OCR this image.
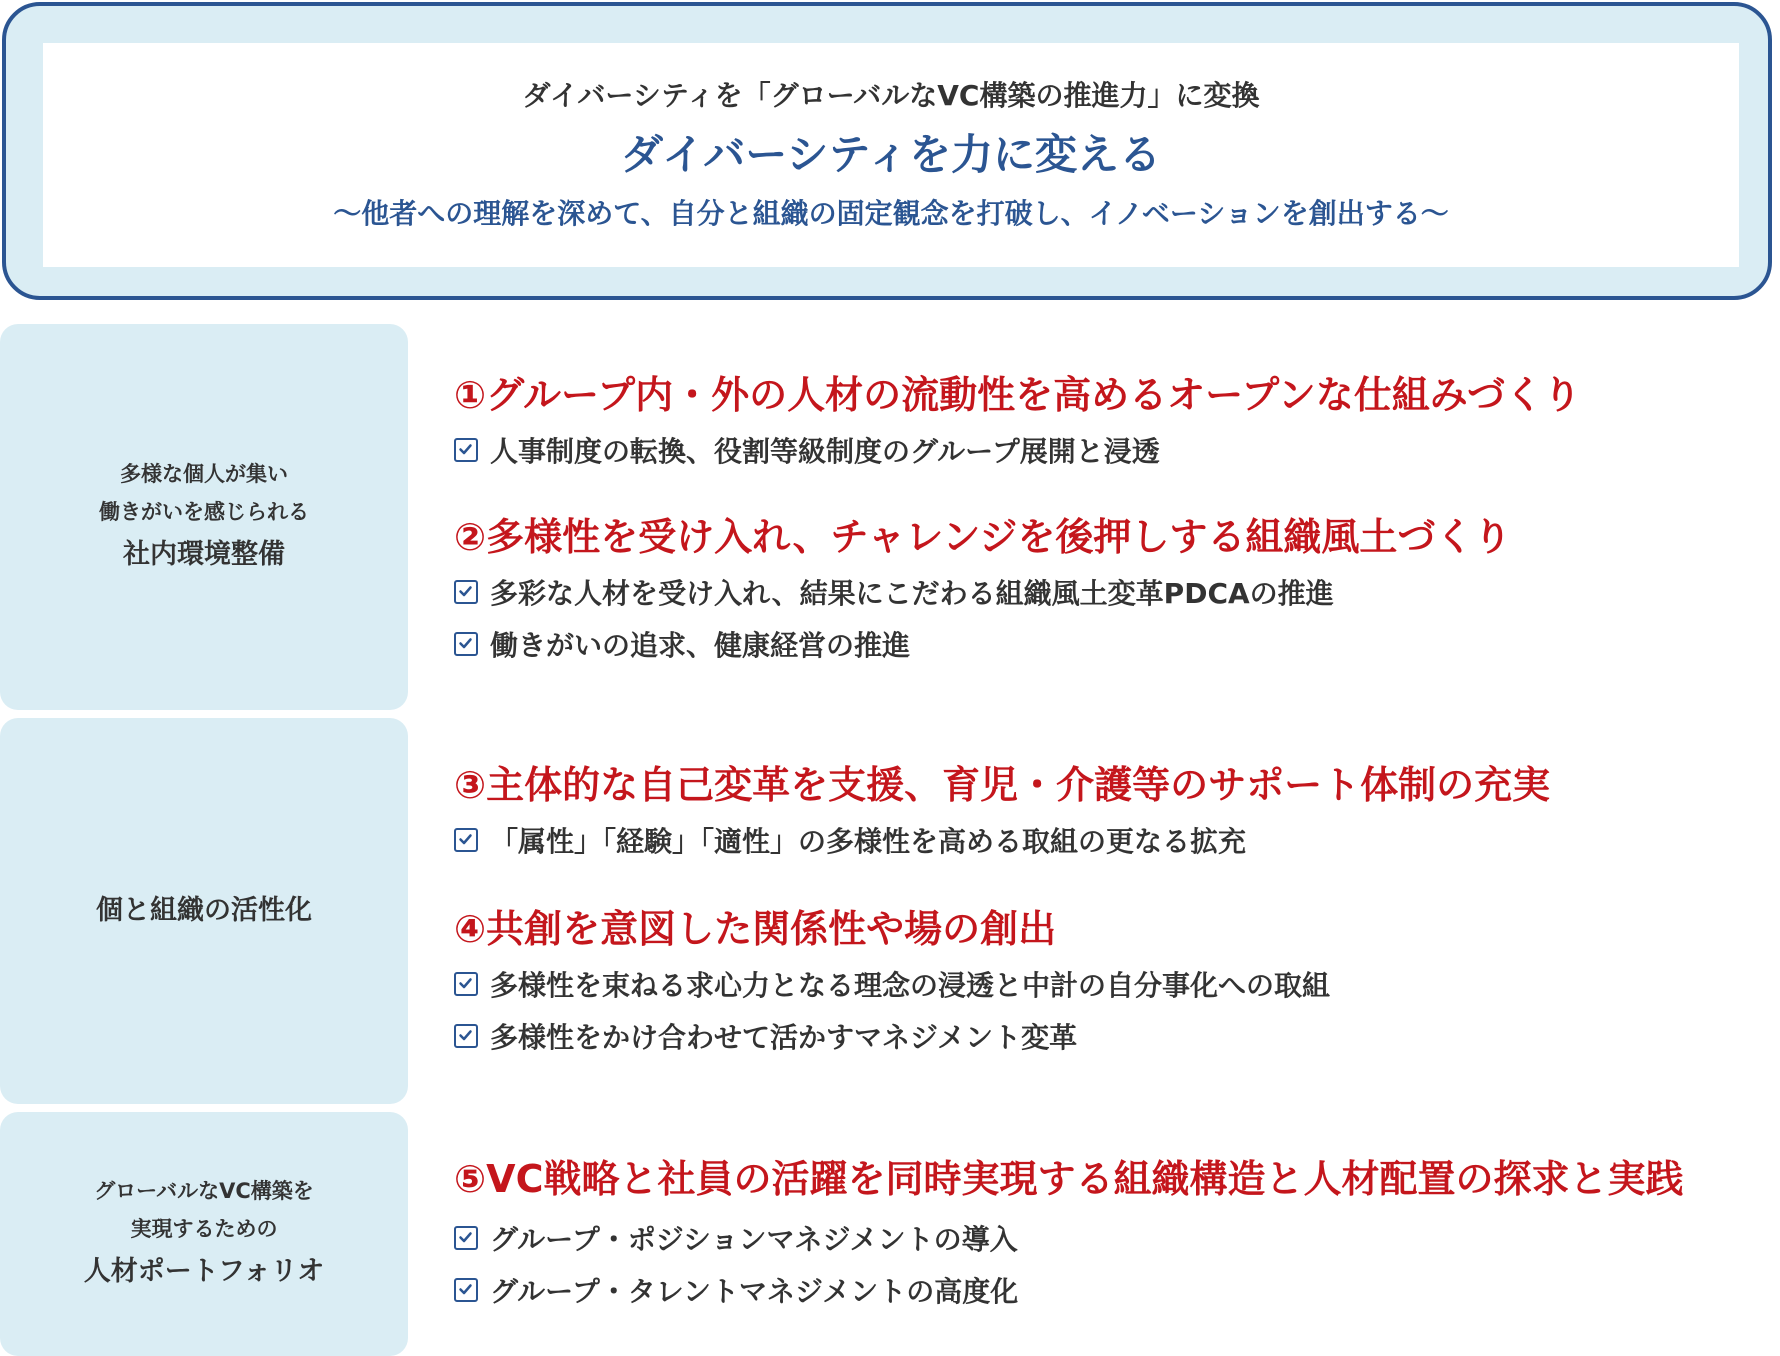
ダイバーシティを「グローバルなVC構築の推進力」に変換
ダイバーシティを力に変える
～他者への理解を深めて、自分と組織の固定観念を打破し、イノベーションを創出する～
多様な個人が集い
働きがいを感じられる
社内環境整備
①グループ内・外の人材の流動性を高めるオープンな仕組みづくり
人事制度の転換、役割等級制度のグループ展開と浸透
②多様性を受け入れ、チャレンジを後押しする組織風土づくり
多彩な人材を受け入れ、結果にこだわる組織風土変革PDCAの推進
働きがいの追求、健康経営の推進
個と組織の活性化
③主体的な自己変革を支援、育児・介護等のサポート体制の充実
「属性」「経験」「適性」の多様性を高める取組の更なる拡充
④共創を意図した関係性や場の創出
多様性を束ねる求心力となる理念の浸透と中計の自分事化への取組
多様性をかけ合わせて活かすマネジメント変革
グローバルなVC構築を
実現するための
人材ポートフォリオ
⑤VC戦略と社員の活躍を同時実現する組織構造と人材配置の探求と実践
グループ・ポジションマネジメントの導入
グループ・タレントマネジメントの高度化
